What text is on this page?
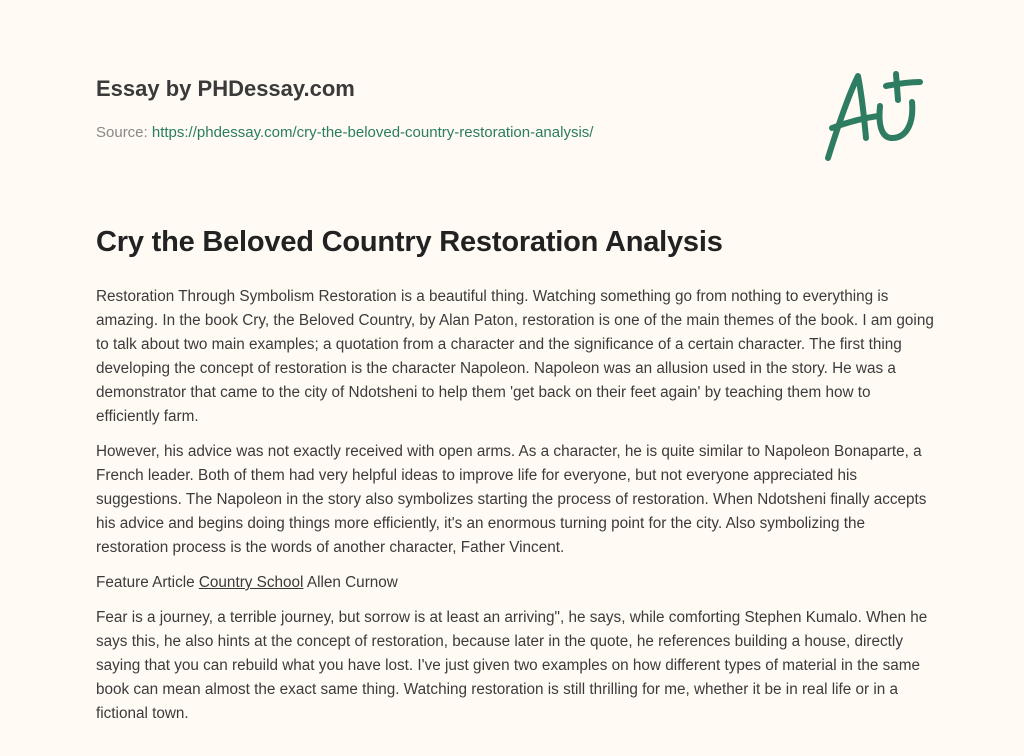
Essay by PHDessay.com
Source: https://phdessay.com/cry-the-beloved-country-restoration-analysis/
Cry the Beloved Country Restoration Analysis

Restoration Through Symbolism Restoration is a beautiful thing. Watching something go from nothing to everything is amazing. In the book Cry, the Beloved Country, by Alan Paton, restoration is one of the main themes of the book. I am going to talk about two main examples; a quotation from a character and the significance of a certain character. The first thing developing the concept of restoration is the character Napoleon. Napoleon was an allusion used in the story. He was a demonstrator that came to the city of Ndotsheni to help them 'get back on their feet again' by teaching them how to efficiently farm.

However, his advice was not exactly received with open arms. As a character, he is quite similar to Napoleon Bonaparte, a French leader. Both of them had very helpful ideas to improve life for everyone, but not everyone appreciated his suggestions. The Napoleon in the story also symbolizes starting the process of restoration. When Ndotsheni finally accepts his advice and begins doing things more efficiently, it's an enormous turning point for the city. Also symbolizing the restoration process is the words of another character, Father Vincent.

Feature Article Country School Allen Curnow

Fear is a journey, a terrible journey, but sorrow is at least an arriving", he says, while comforting Stephen Kumalo. When he says this, he also hints at the concept of restoration, because later in the quote, he references building a house, directly saying that you can rebuild what you have lost. I've just given two examples on how different types of material in the same book can mean almost the exact same thing. Watching restoration is still thrilling for me, whether it be in real life or in a fictional town.
